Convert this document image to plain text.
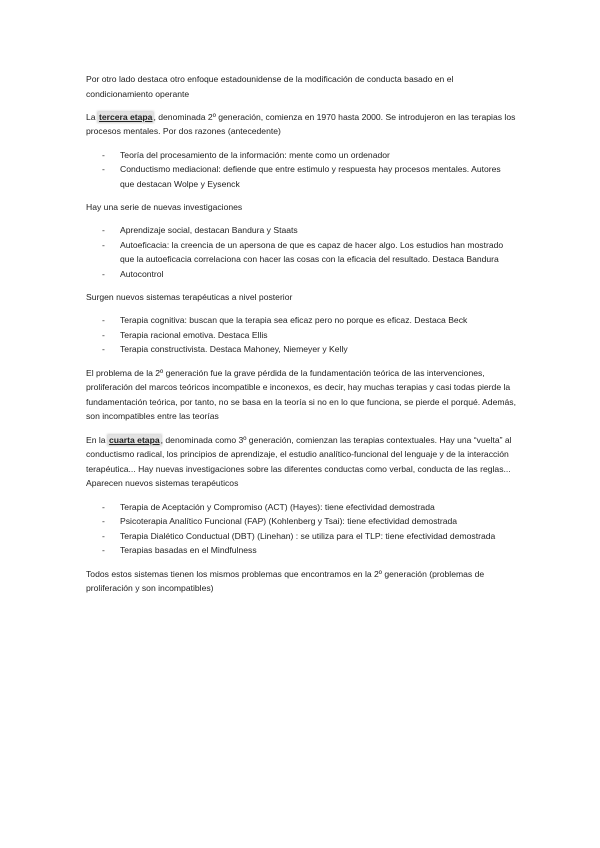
Por otro lado destaca otro enfoque estadounidense de la modificación de conducta basado en el condicionamiento operante

La tercera etapa, denominada 2º generación, comienza en 1970 hasta 2000. Se introdujeron en las terapias los procesos mentales. Por dos razones (antecedente)

- Teoría del procesamiento de la información: mente como un ordenador
- Conductismo mediacional: defiende que entre estimulo y respuesta hay procesos mentales. Autores que destacan Wolpe y Eysenck

Hay una serie de nuevas investigaciones

- Aprendizaje social, destacan Bandura y Staats
- Autoeficacia: la creencia de un apersona de que es capaz de hacer algo. Los estudios han mostrado que la autoeficacia correlaciona con hacer las cosas con la eficacia del resultado. Destaca Bandura
- Autocontrol

Surgen nuevos sistemas terapéuticas a nivel posterior

- Terapia cognitiva: buscan que la terapia sea eficaz pero no porque es eficaz. Destaca Beck
- Terapia racional emotiva. Destaca Ellis
- Terapia constructivista. Destaca Mahoney, Niemeyer y Kelly

El problema de la 2º generación fue la grave pérdida de la fundamentación teórica de las intervenciones, proliferación del marcos teóricos incompatible e inconexos, es decir, hay muchas terapias y casi todas pierde la fundamentación teórica, por tanto, no se basa en la teoría si no en lo que funciona, se pierde el porqué. Además, son incompatibles entre las teorías

En la cuarta etapa, denominada como 3º generación, comienzan las terapias contextuales. Hay una “vuelta” al conductismo radical, los principios de aprendizaje, el estudio analítico-funcional del lenguaje y de la interacción terapéutica... Hay nuevas investigaciones sobre las diferentes conductas como verbal, conducta de las reglas... Aparecen nuevos sistemas terapéuticos

- Terapia de Aceptación y Compromiso (ACT) (Hayes): tiene efectividad demostrada
- Psicoterapia Analítico Funcional (FAP) (Kohlenberg y Tsai): tiene efectividad demostrada
- Terapia Dialético Conductual (DBT) (Linehan) : se utiliza para el TLP: tiene efectividad demostrada
- Terapias basadas en el Mindfulness

Todos estos sistemas tienen los mismos problemas que encontramos en la 2º generación (problemas de proliferación y son incompatibles)
